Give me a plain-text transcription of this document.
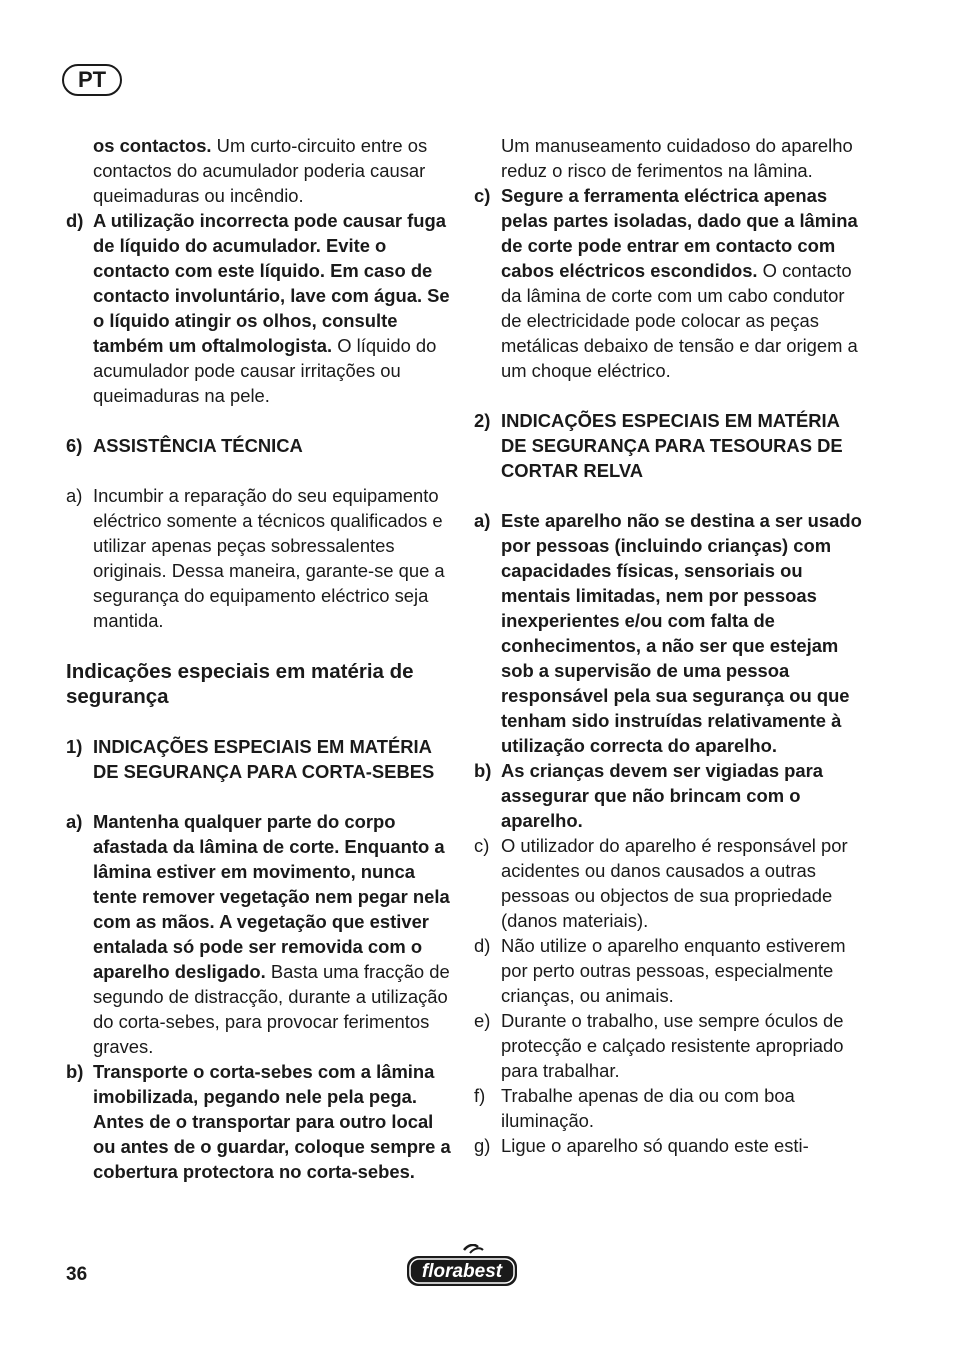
PT
os contactos. Um curto-circuito entre os contactos do acumulador poderia causar queimaduras ou incêndio.
d) A utilização incorrecta pode causar fuga de líquido do acumulador. Evite o contacto com este líquido. Em caso de contacto involuntário, lave com água. Se o líquido atingir os olhos, consulte também um oftalmologista. O líquido do acumulador pode causar irritações ou queimaduras na pele.
6) ASSISTÊNCIA TÉCNICA
a) Incumbir a reparação do seu equipamento eléctrico somente a técnicos qualificados e utilizar apenas peças sobressalentes originais. Dessa maneira, garante-se que a segurança do equipamento eléctrico seja mantida.
Indicações especiais em matéria de segurança
1) INDICAÇÕES ESPECIAIS EM MATÉRIA DE SEGURANÇA PARA CORTA-SEBES
a) Mantenha qualquer parte do corpo afastada da lâmina de corte. Enquanto a lâmina estiver em movimento, nunca tente remover vegetação nem pegar nela com as mãos. A vegetação que estiver entalada só pode ser removida com o aparelho desligado. Basta uma fracção de segundo de distracção, durante a utilização do corta-sebes, para provocar ferimentos graves.
b) Transporte o corta-sebes com a lâmina imobilizada, pegando nele pela pega. Antes de o transportar para outro local ou antes de o guardar, coloque sempre a cobertura protectora no corta-sebes.
Um manuseamento cuidadoso do aparelho reduz o risco de ferimentos na lâmina.
c) Segure a ferramenta eléctrica apenas pelas partes isoladas, dado que a lâmina de corte pode entrar em contacto com cabos eléctricos escondidos. O contacto da lâmina de corte com um cabo condutor de electricidade pode colocar as peças metálicas debaixo de tensão e dar origem a um choque eléctrico.
2) INDICAÇÕES ESPECIAIS EM MATÉRIA DE SEGURANÇA PARA TESOURAS DE CORTAR RELVA
a) Este aparelho não se destina a ser usado por pessoas (incluindo crianças) com capacidades físicas, sensoriais ou mentais limitadas, nem por pessoas inexperientes e/ou com falta de conhecimentos, a não ser que estejam sob a supervisão de uma pessoa responsável pela sua segurança ou que tenham sido instruídas relativamente à utilização correcta do aparelho.
b) As crianças devem ser vigiadas para assegurar que não brincam com o aparelho.
c) O utilizador do aparelho é responsável por acidentes ou danos causados a outras pessoas ou objectos de sua propriedade (danos materiais).
d) Não utilize o aparelho enquanto estiverem por perto outras pessoas, especialmente crianças, ou animais.
e) Durante o trabalho, use sempre óculos de protecção e calçado resistente apropriado para trabalhar.
f) Trabalhe apenas de dia ou com boa iluminação.
g) Ligue o aparelho só quando este esti-
36	florabest
